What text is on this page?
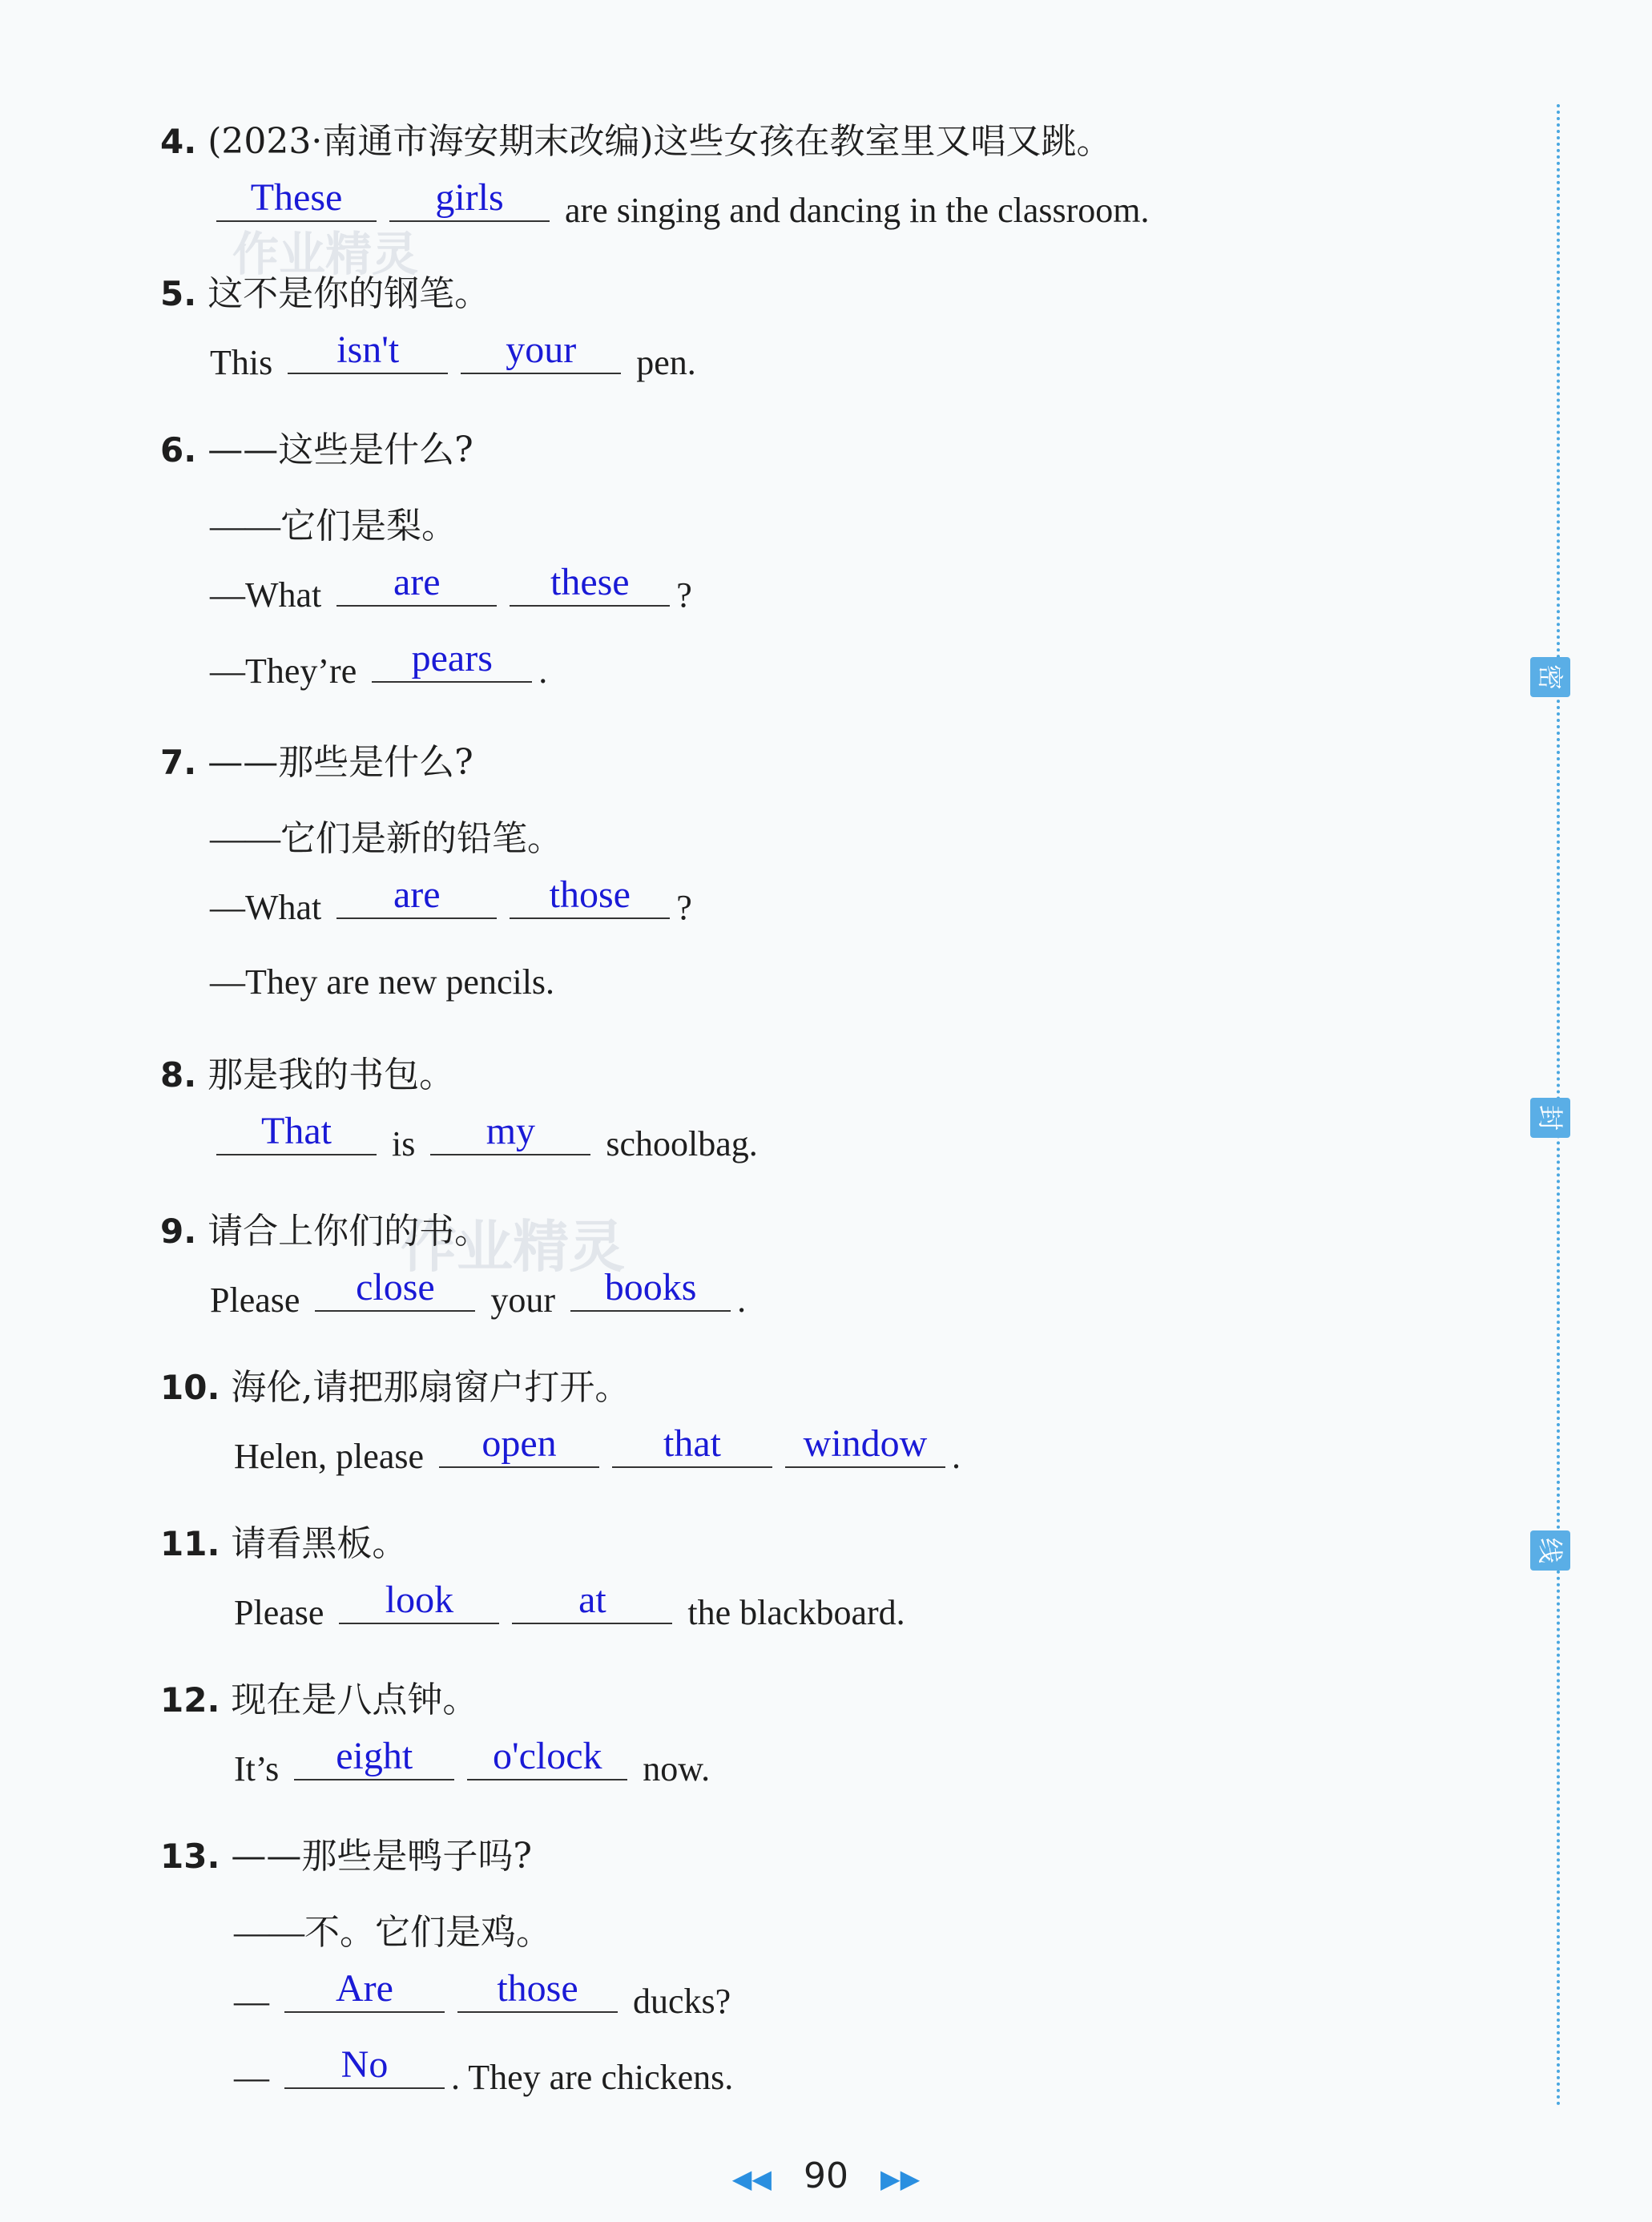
作业精灵
作业精灵
密
封
线
4. (2023·南通市海安期末改编)这些女孩在教室里又唱又跳。
These	girls	are singing and dancing in the classroom.
5. 这不是你的钢笔。
This	isn't	your	pen.
6. ——这些是什么?
——它们是梨。
—What	are	these	?
—They’re	pears	.
7. ——那些是什么?
——它们是新的铅笔。
—What	are	those	?
—They are new pencils.
8. 那是我的书包。
That	is	my	schoolbag.
9. 请合上你们的书。
Please	close	your	books	.
10. 海伦,请把那扇窗户打开。
Helen, please	open	that	window .
11. 请看黑板。
Please	look	at	the blackboard.
12. 现在是八点钟。
It’s	eight	o'clock now.
13. ——那些是鸭子吗?
——不。它们是鸡。
—	Are	those	ducks?
—	No	. They are chickens.
◀◀ 90 ▶▶
